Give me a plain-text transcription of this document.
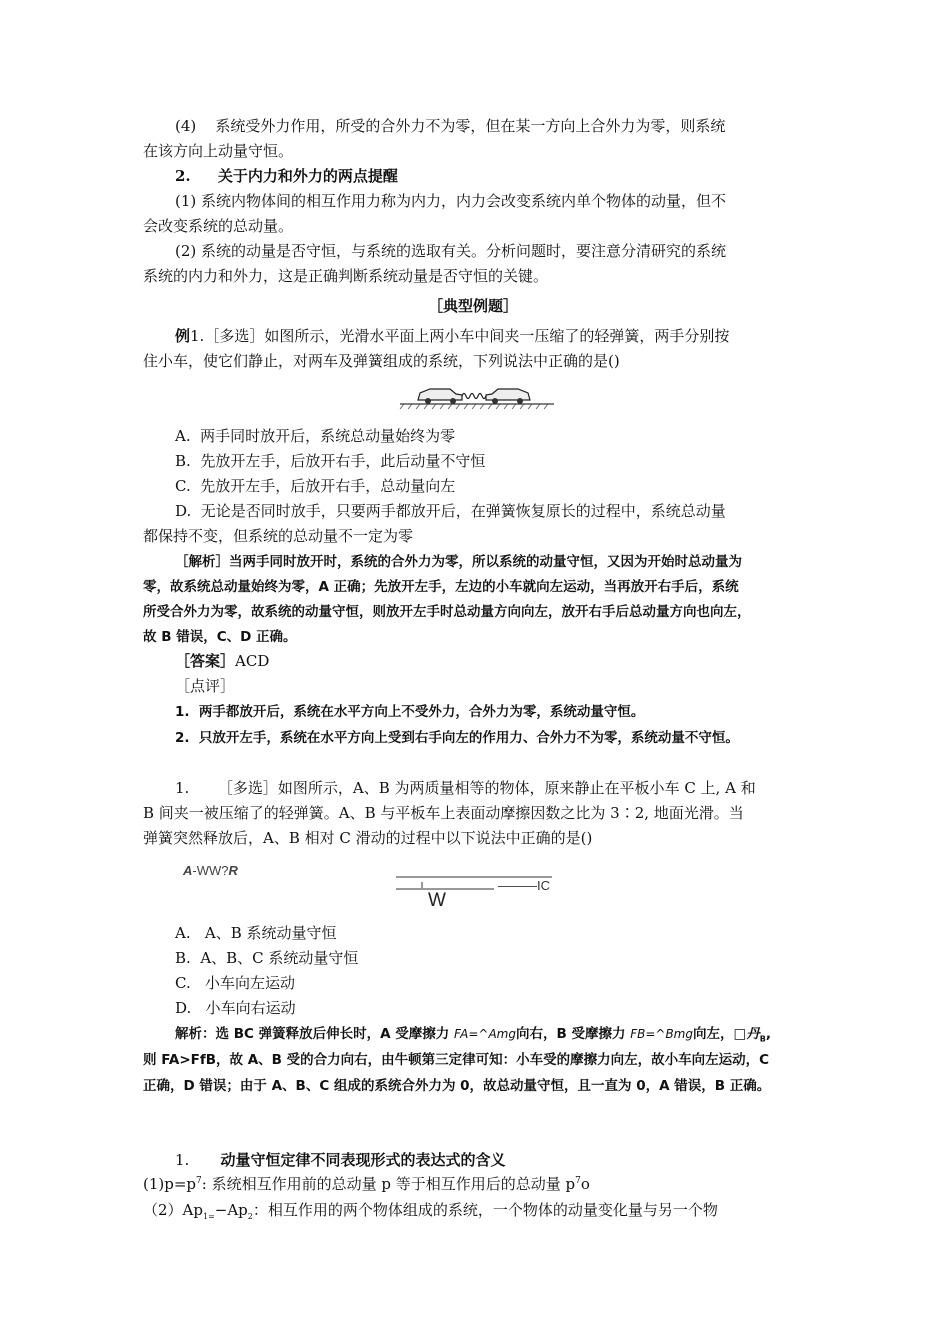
(4)    系统受外力作用，所受的合外力不为零，但在某一方向上合外力为零，则系统
在该方向上动量守恒。
2. 关于内力和外力的两点提醒
(1) 系统内物体间的相互作用力称为内力，内力会改变系统内单个物体的动量，但不
会改变系统的总动量。
(2) 系统的动量是否守恒，与系统的选取有关。分析问题时，要注意分清研究的系统
系统的内力和外力，这是正确判断系统动量是否守恒的关键。
［典型例题］
例1.［多选］如图所示，光滑水平面上两小车中间夹一压缩了的轻弹簧，两手分别按
住小车，使它们静止，对两车及弹簧组成的系统，下列说法中正确的是()
A.  两手同时放开后，系统总动量始终为零
B.  先放开左手，后放开右手，此后动量不守恒
C.  先放开左手，后放开右手，总动量向左
D.  无论是否同时放手，只要两手都放开后，在弹簧恢复原长的过程中，系统总动量
都保持不变，但系统的总动量不一定为零
［解析］当两手同时放开时，系统的合外力为零，所以系统的动量守恒，又因为开始时总动量为
零，故系统总动量始终为零，A 正确；先放开左手，左边的小车就向左运动，当再放开右手后，系统
所受合外力为零，故系统的动量守恒，则放开左手时总动量方向向左，放开右手后总动量方向也向左，
故 B 错误，C、D 正确。
［答案］ACD
［点评］
1.  两手都放开后，系统在水平方向上不受外力，合外力为零，系统动量守恒。
2.  只放开左手，系统在水平方向上受到右手向左的作用力、合外力不为零，系统动量不守恒。
1.      ［多选］如图所示，A、B 为两质量相等的物体，原来静止在平板小车 C 上, A 和
B 间夹一被压缩了的轻弹簧。A、B 与平板车上表面动摩擦因数之比为 3∶2, 地面光滑。当
弹簧突然释放后，A、B 相对 C 滑动的过程中以下说法中正确的是()
A-WW?R
———IC
W
A.   A、B 系统动量守恒
B.  A、B、C 系统动量守恒
C.   小车向左运动
D.   小车向右运动
解析：选 BC 弹簧释放后伸长时，A 受摩擦力 FA=^Amg向右，B 受摩擦力 FB=^Bmg向左，□丹$_B$,
则 FA>FfB，故 A、B 受的合力向右，由牛顿第三定律可知：小车受的摩擦力向左，故小车向左运动，C
正确，D 错误；由于 A、B、C 组成的系统合外力为 0，故总动量守恒，且一直为 0，A 错误，B 正确。
1. 动量守恒定律不同表现形式的表达式的含义
$(1)p=p^7$: 系统相互作用前的总动量 p 等于相互作用后的总动量 $p^7o$
$(2)Ap_{1=}-Ap_2$：相互作用的两个物体组成的系统，一个物体的动量变化量与另一个物
